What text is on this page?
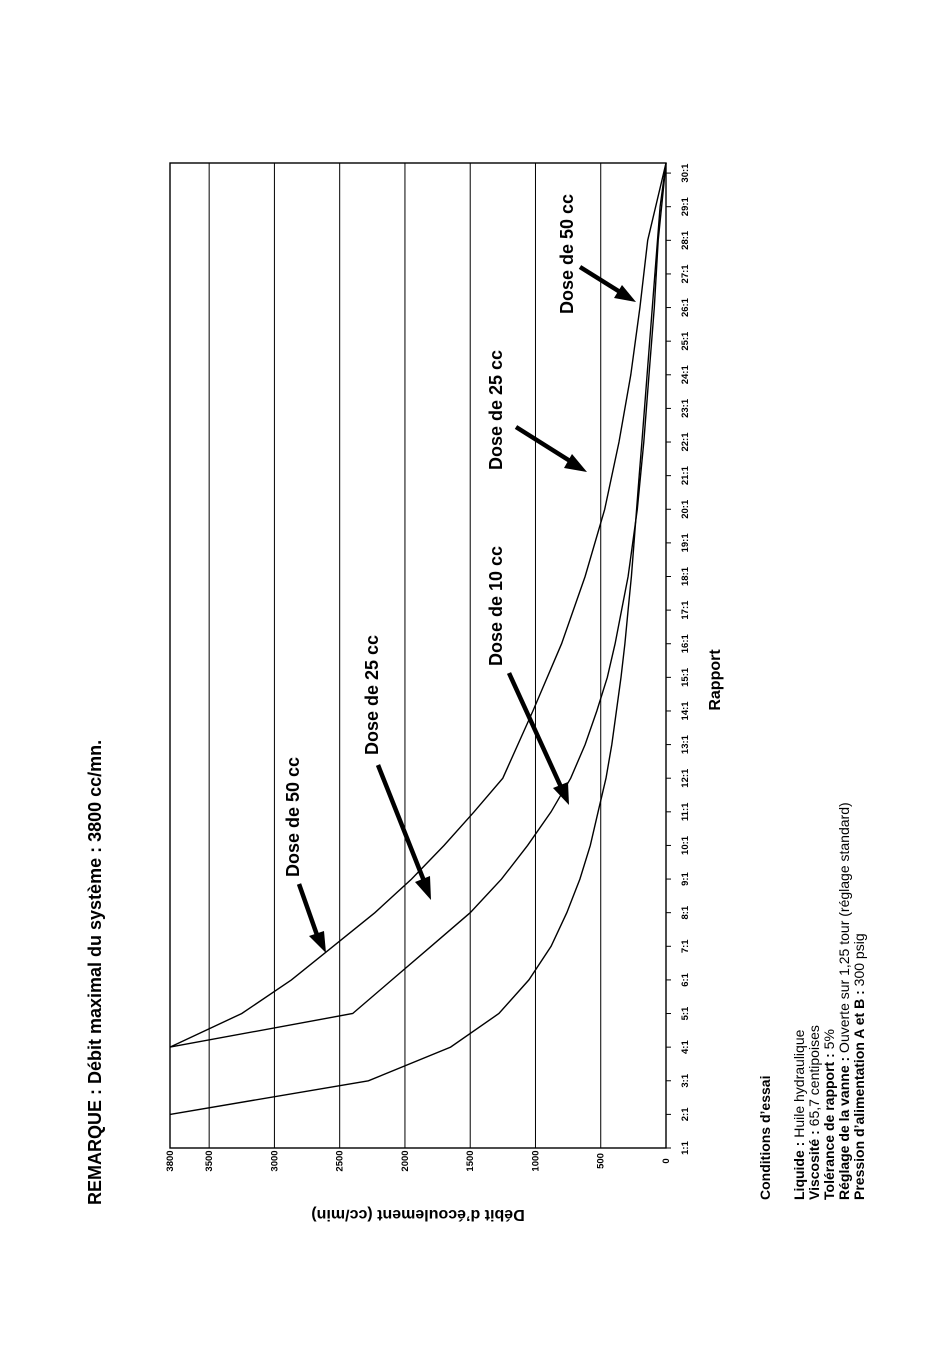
REMARQUE : Débit maximal du système : 3800 cc/mn.	1:1
2:1
3:1
4:1
5:1
6:1
7:1
8:1
9:1
10:1
11:1
12:1
13:1
14:1
15:1
16:1
17:1
18:1
19:1
20:1
21:1
22:1
23:1
24:1
25:1
26:1
27:1
28:1
29:1
30:1
0
500
1000
1500
2000
2500
3000
3500
3800
Débit d’écoulement (cc/min)
Rapport
Dose de 50 cc
Dose de 25 cc
Dose de 10 cc
Dose de 25 cc
Dose de 50 cc
Conditions d’essai Liquide : Huile hydraulique
Viscosité : 65,7 centipoises Tolérance de rapport : 5%
Réglage de la vanne : Ouverte sur 1,25 tour (réglage standard)
Pression d’alimentation A et B : 300 psig
